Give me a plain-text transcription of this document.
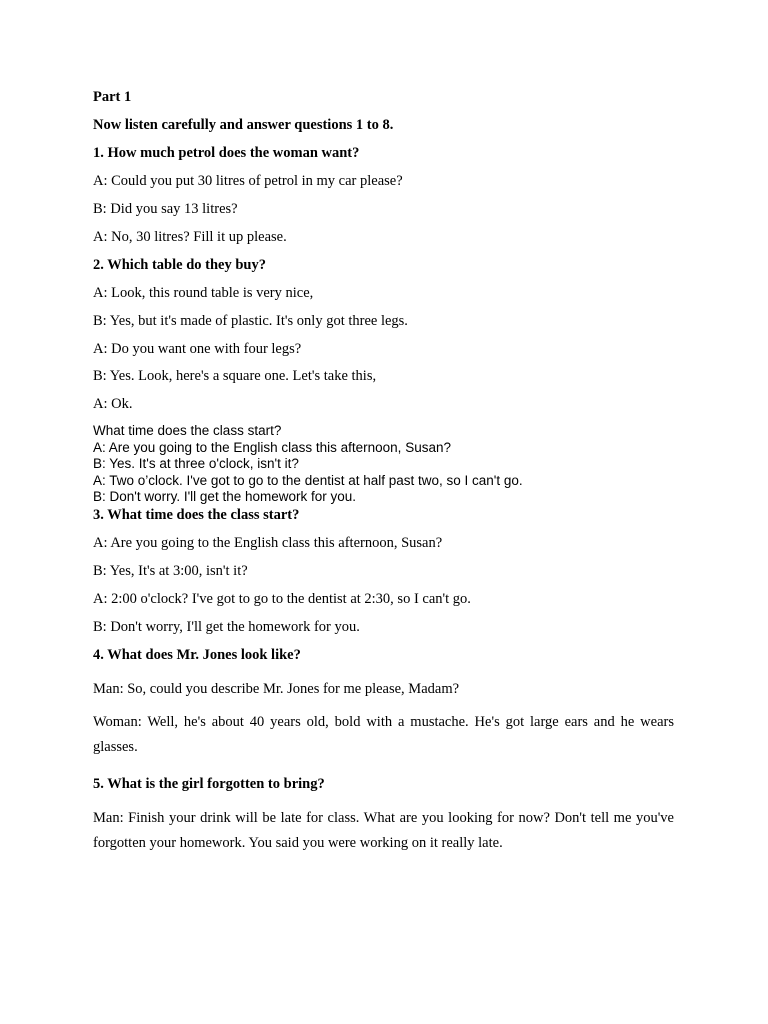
Part 1
Now listen carefully and answer questions 1 to 8.
1. How much petrol does the woman want?
A: Could you put 30 litres of petrol in my car please?
B: Did you say 13 litres?
A: No, 30 litres? Fill it up please.
2. Which table do they buy?
A: Look, this round table is very nice,
B: Yes, but it's made of plastic. It's only got three legs.
A: Do you want one with four legs?
B: Yes. Look, here's a square one. Let's take this,
A: Ok.
What time does the class start?
A: Are you going to the English class this afternoon, Susan?
B: Yes. It's at three o'clock, isn't it?
A: Two o’clock. I've got to go to the dentist at half past two, so I can't go.
B: Don't worry. I'll get the homework for you.
3. What time does the class start?
A: Are you going to the English class this afternoon, Susan?
B: Yes, It's at 3:00, isn't it?
A: 2:00 o'clock? I've got to go to the dentist at 2:30, so I can't go.
B: Don't worry, I'll get the homework for you.
4. What does Mr. Jones look like?
Man: So, could you describe Mr. Jones for me please, Madam?
Woman: Well, he's about 40 years old, bold with a mustache. He's got large ears and he wears glasses.
5. What is the girl forgotten to bring?
Man: Finish your drink will be late for class. What are you looking for now? Don't tell me you've forgotten your homework. You said you were working on it really late.
